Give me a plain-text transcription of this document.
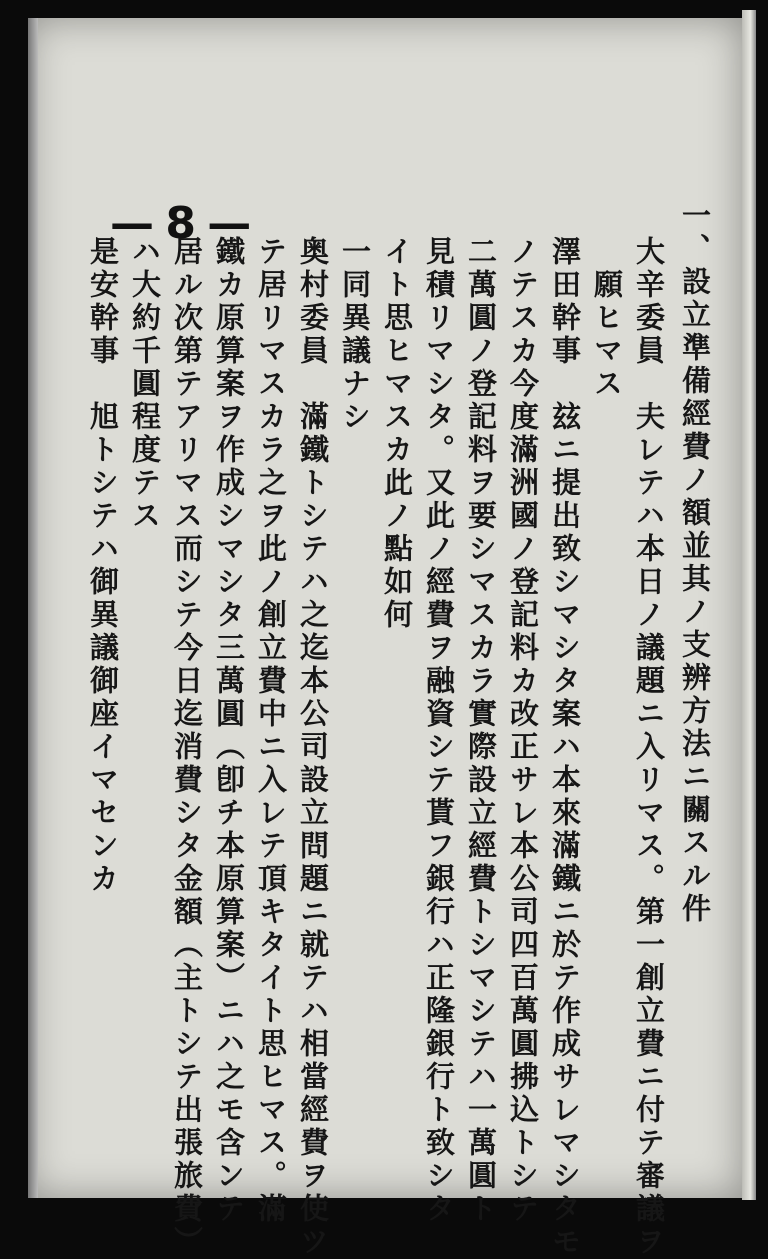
— 8 —	一、設立準備經費ノ額並其ノ支辨方法ニ關スル件
大辛委員　夫レテハ本日ノ議題ニ入リマス。第一創立費ニ付テ審議ヲ
　願ヒマス
澤田幹事　玆ニ提出致シマシタ案ハ本來滿鐵ニ於テ作成サレマシタモ
ノテスカ今度滿洲國ノ登記料カ改正サレ本公司四百萬圓拂込トシテ
二萬圓ノ登記料ヲ要シマスカラ實際設立經費トシマシテハ一萬圓ト
見積リマシタ。又此ノ經費ヲ融資シテ貰フ銀行ハ正隆銀行ト致シタ
イト思ヒマスカ此ノ點如何
一同異議ナシ
奥村委員　滿鐵トシテハ之迄本公司設立問題ニ就テハ相當經費ヲ使ツ
テ居リマスカラ之ヲ此ノ創立費中ニ入レテ頂キタイト思ヒマス。滿
鐵カ原算案ヲ作成シマシタ三萬圓（卽チ本原算案）ニハ之モ含ンテ
居ル次第テアリマス而シテ今日迄消費シタ金額（主トシテ出張旅費）
ハ大約千圓程度テス
是安幹事　旭トシテハ御異議御座イマセンカ
